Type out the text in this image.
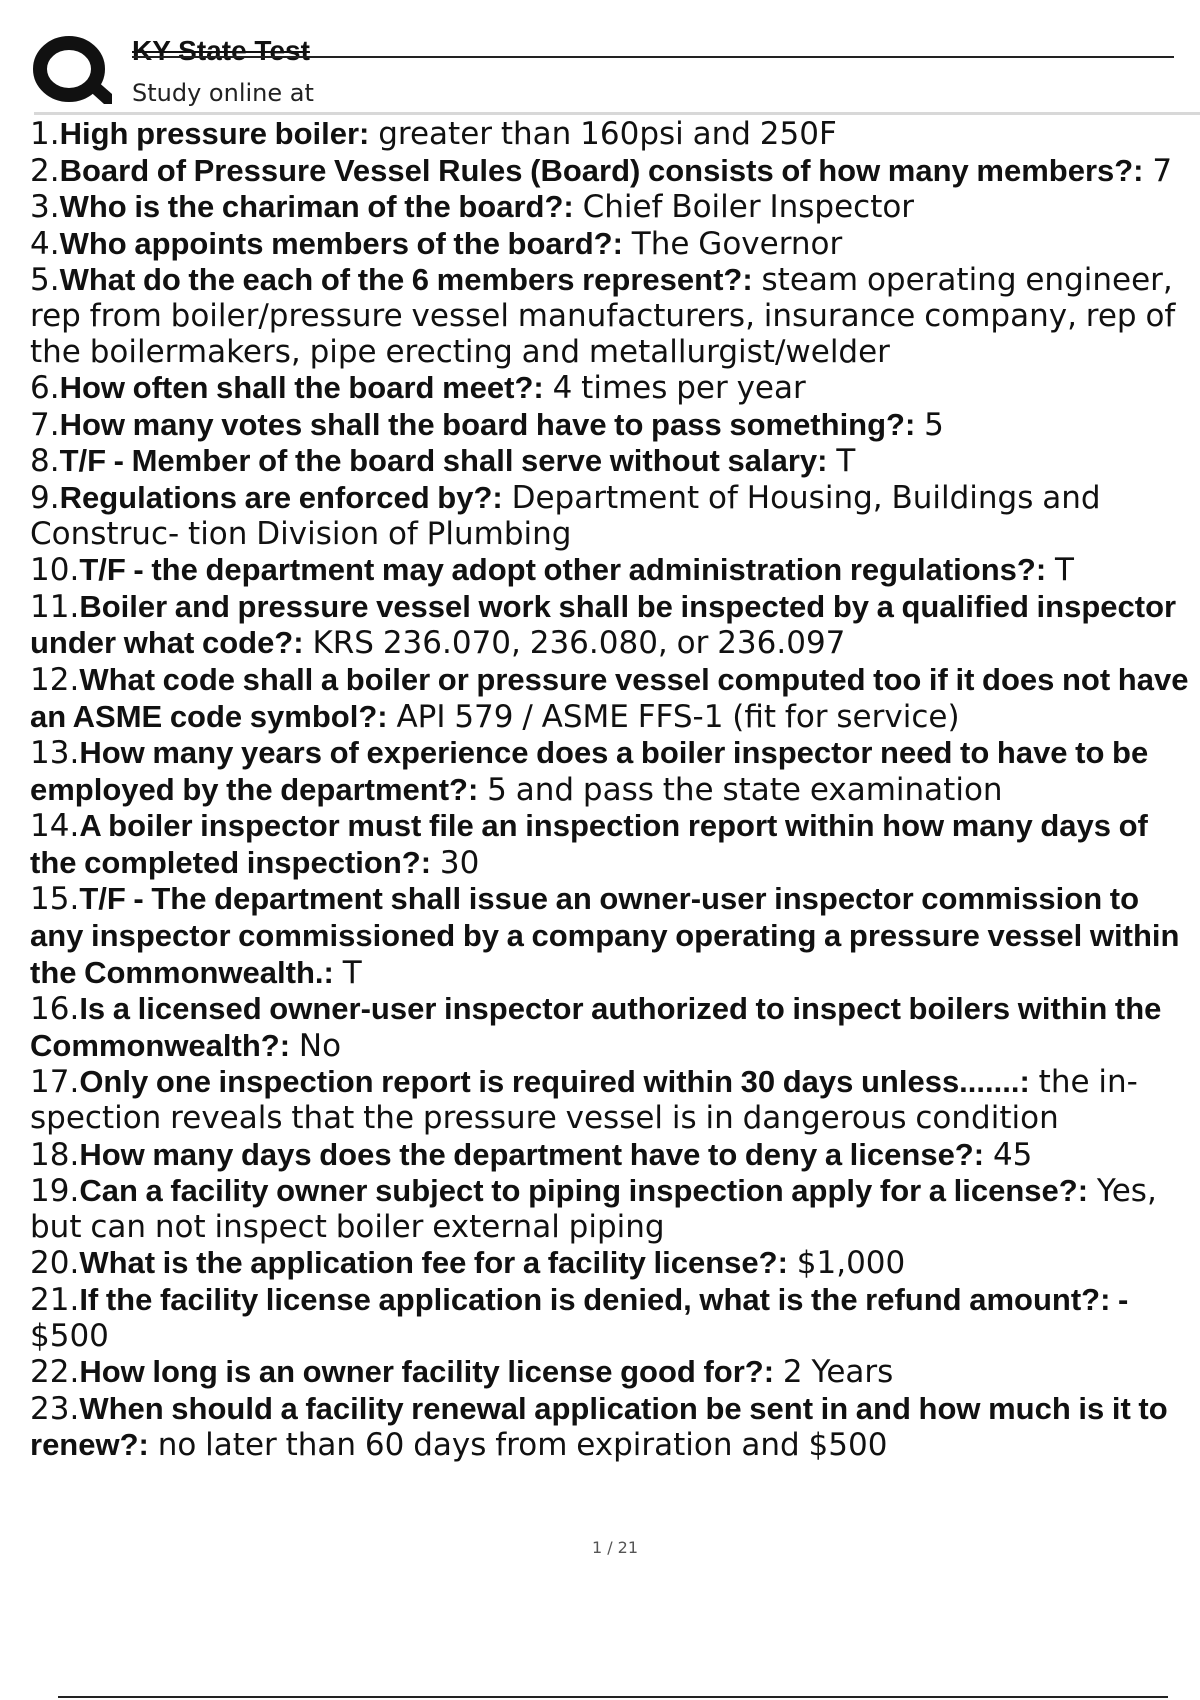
KY State Test
Study online at
1.High pressure boiler: greater than 160psi and 250F
2.Board of Pressure Vessel Rules (Board) consists of how many members?: 7
3.Who is the chariman of the board?: Chief Boiler Inspector
4.Who appoints members of the board?: The Governor
5.What do the each of the 6 members represent?: steam operating engineer, rep from boiler/pressure vessel manufacturers, insurance company, rep of the boilermakers, pipe erecting and metallurgist/welder
6.How often shall the board meet?: 4 times per year
7.How many votes shall the board have to pass something?: 5
8.T/F - Member of the board shall serve without salary: T
9.Regulations are enforced by?: Department of Housing, Buildings and Construc- tion Division of Plumbing
10.T/F - the department may adopt other administration regulations?: T
11.Boiler and pressure vessel work shall be inspected by a qualified inspector under what code?: KRS 236.070, 236.080, or 236.097
12.What code shall a boiler or pressure vessel computed too if it does not have an ASME code symbol?: API 579 / ASME FFS-1 (fit for service)
13.How many years of experience does a boiler inspector need to have to be employed by the department?: 5 and pass the state examination
14.A boiler inspector must file an inspection report within how many days of the completed inspection?: 30
15.T/F - The department shall issue an owner-user inspector commission to any inspector commissioned by a company operating a pressure vessel within the Commonwealth.: T
16.Is a licensed owner-user inspector authorized to inspect boilers within the Commonwealth?: No
17.Only one inspection report is required within 30 days unless.......: the in- spection reveals that the pressure vessel is in dangerous condition
18.How many days does the department have to deny a license?: 45
19.Can a facility owner subject to piping inspection apply for a license?: Yes, but can not inspect boiler external piping
20.What is the application fee for a facility license?: $1,000
21.If the facility license application is denied, what is the refund amount?: - $500
22.How long is an owner facility license good for?: 2 Years
23.When should a facility renewal application be sent in and how much is it to renew?: no later than 60 days from expiration and $500
1 / 21
